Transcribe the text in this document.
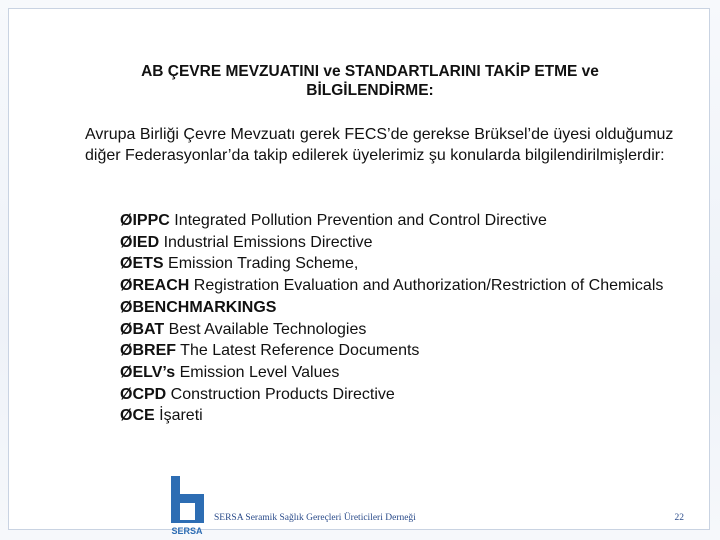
AB ÇEVRE MEVZUATINI ve STANDARTLARINI TAKİP ETME ve BİLGİLENDİRME:
Avrupa Birliği Çevre Mevzuatı gerek FECS’de gerekse Brüksel’de üyesi olduğumuz diğer Federasyonlar’da takip edilerek üyelerimiz şu konularda bilgilendirilmişlerdir:
ØIPPC Integrated Pollution Prevention and Control Directive
ØIED Industrial Emissions Directive
ØETS Emission Trading Scheme,
ØREACH Registration Evaluation and Authorization/Restriction of Chemicals
ØBENCHMARKINGS
ØBAT Best Available Technologies
ØBREF The Latest Reference Documents
ØELV’s Emission Level Values
ØCPD Construction Products Directive
ØCE İşareti
SERSA
SERSA Seramik Sağlık Gereçleri Üreticileri Derneği	22
